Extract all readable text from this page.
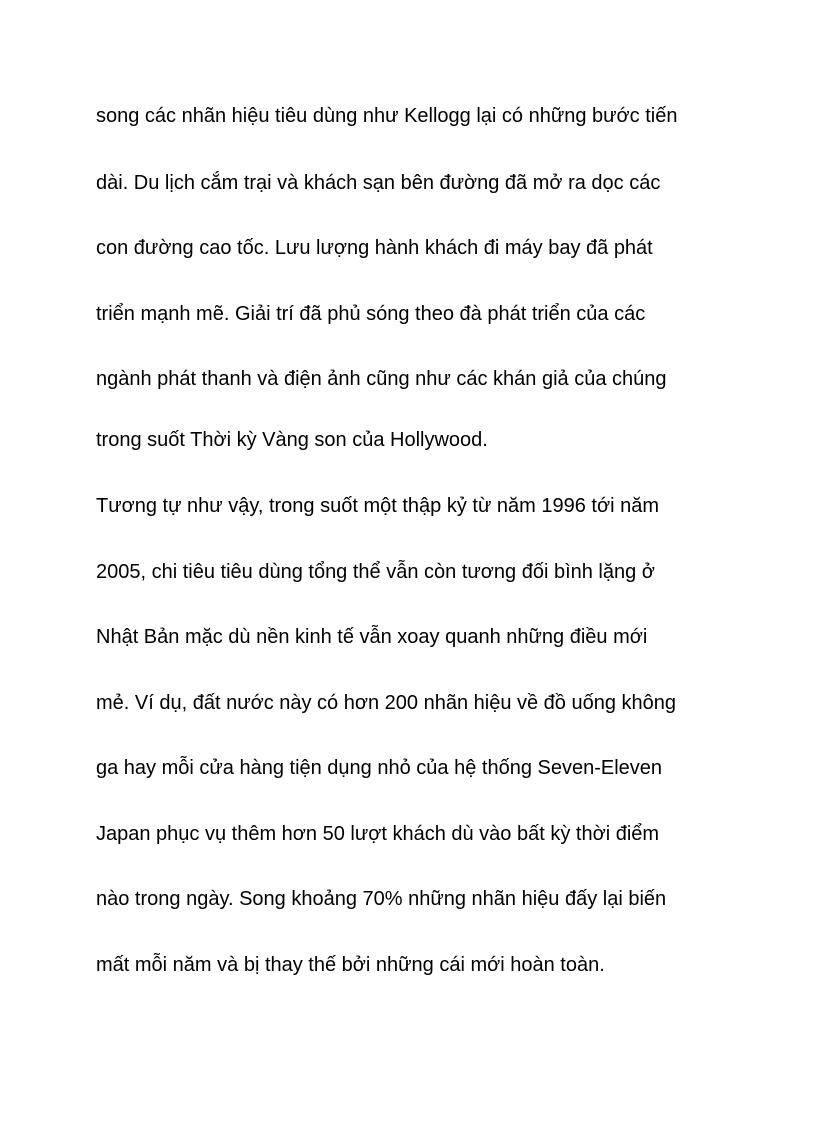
song các nhãn hiệu tiêu dùng như Kellogg lại có những bước tiến

dài. Du lịch cắm trại và khách sạn bên đường đã mở ra dọc các

con đường cao tốc. Lưu lượng hành khách đi máy bay đã phát

triển mạnh mẽ. Giải trí đã phủ sóng theo đà phát triển của các

ngành phát thanh và điện ảnh cũng như các khán giả của chúng

trong suốt Thời kỳ Vàng son của Hollywood.

Tương tự như vậy, trong suốt một thập kỷ từ năm 1996 tới năm

2005, chi tiêu tiêu dùng tổng thể vẫn còn tương đối bình lặng ở

Nhật Bản mặc dù nền kinh tế vẫn xoay quanh những điều mới

mẻ. Ví dụ, đất nước này có hơn 200 nhãn hiệu về đồ uống không

ga hay mỗi cửa hàng tiện dụng nhỏ của hệ thống Seven-Eleven

Japan phục vụ thêm hơn 50 lượt khách dù vào bất kỳ thời điểm

nào trong ngày. Song khoảng 70% những nhãn hiệu đấy lại biến

mất mỗi năm và bị thay thế bởi những cái mới hoàn toàn.
